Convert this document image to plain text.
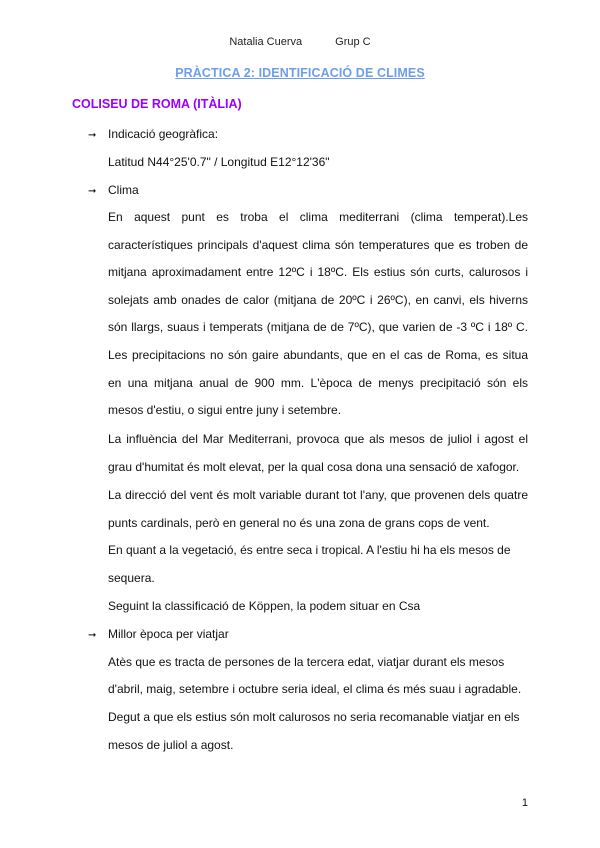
Natalia Cuerva	Grup C
PRÀCTICA 2: IDENTIFICACIÓ DE CLIMES
COLISEU DE ROMA (ITÀLIA)
➞ Indicació geogràfica:
Latitud N44°25'0.7" / Longitud E12°12'36"
➞ Clima
En aquest punt es troba el clima mediterrani (clima temperat).Les
característiques principals d'aquest clima són temperatures que es troben de
mitjana aproximadament entre 12ºC i 18ºC. Els estius són curts, calurosos i
solejats amb onades de calor (mitjana de 20ºC i 26ºC), en canvi, els hiverns
són llargs, suaus i temperats (mitjana de de 7ºC), que varien de -3 ºC i 18º C.
Les precipitacions no són gaire abundants, que en el cas de Roma, es situa
en una mitjana anual de 900 mm. L'època de menys precipitació són els
mesos d'estiu, o sigui entre juny i setembre.
La influència del Mar Mediterrani, provoca que als mesos de juliol i agost el
grau d'humitat és molt elevat, per la qual cosa dona una sensació de xafogor.
La direcció del vent és molt variable durant tot l'any, que provenen dels quatre
punts cardinals, però en general no és una zona de grans cops de vent.
En quant a la vegetació, és entre seca i tropical. A l'estiu hi ha els mesos de
sequera.
Seguint la classificació de Köppen, la podem situar en Csa
➞ Millor època per viatjar
Atès que es tracta de persones de la tercera edat, viatjar durant els mesos
d'abril, maig, setembre i octubre seria ideal, el clima és més suau i agradable.
Degut a que els estius són molt calurosos no seria recomanable viatjar en els
mesos de juliol a agost.
1
